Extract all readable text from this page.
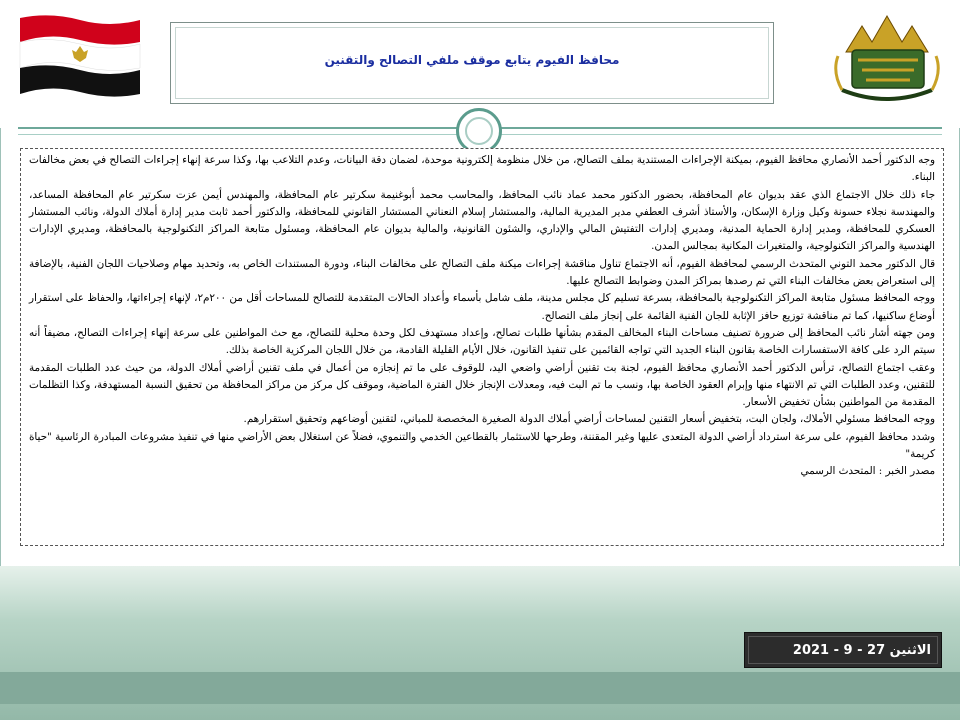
محافظ الفيوم يتابع موقف ملفي التصالح والتقنين

وجه الدكتور أحمد الأنصاري محافظ الفيوم، بميكنة الإجراءات المستندية بملف التصالح، من خلال منظومة إلكترونية موحدة، لضمان دقة البيانات، وعدم التلاعب بها، وكذا سرعة إنهاء إجراءات التصالح في بعض مخالفات البناء.

جاء ذلك خلال الاجتماع الذي عقد بديوان عام المحافظة، بحضور الدكتور محمد عماد نائب المحافظ، والمحاسب محمد أبوغنيمة سكرتير عام المحافظة، والمهندس أيمن عزت سكرتير عام المحافظة المساعد، والمهندسة نجلاء حسونة وكيل وزارة الإسكان، والأستاذ أشرف العطفي مدير المديرية المالية، والمستشار إسلام النعناني المستشار القانوني للمحافظة، والدكتور أحمد ثابت مدير إدارة أملاك الدولة، ونائب المستشار العسكري للمحافظة، ومدير إدارة الحماية المدنية، ومديري إدارات التفتيش المالي والإداري، والشئون القانونية، والمالية بديوان عام المحافظة، ومسئول متابعة المراكز التكنولوجية بالمحافظة، ومديري الإدارات الهندسية والمراكز التكنولوجية، والمتغيرات المكانية بمجالس المدن.

قال الدكتور محمد التوني المتحدث الرسمي لمحافظة الفيوم، أنه الاجتماع تناول مناقشة إجراءات ميكنة ملف التصالح على مخالفات البناء، ودورة المستندات الخاص به، وتحديد مهام وصلاحيات اللجان الفنية، بالإضافة إلى استعراض بعض مخالفات البناء التي تم رصدها بمراكز المدن وضوابط التصالح عليها.

ووجه المحافظ مسئول متابعة المراكز التكنولوجية بالمحافظة، بسرعة تسليم كل مجلس مدينة، ملف شامل بأسماء وأعداد الحالات المتقدمة للتصالح للمساحات أقل من ٢٠٠م٢، لإنهاء إجراءاتها، والحفاظ على استقرار أوضاع ساكنيها، كما تم مناقشة توزيع حافز الإثابة للجان الفنية القائمة على إنجاز ملف التصالح.

ومن جهته أشار نائب المحافظ إلى ضرورة تصنيف مساحات البناء المخالف المقدم بشأنها طلبات تصالح، وإعداد مستهدف لكل وحدة محلية للتصالح، مع حث المواطنين على سرعة إنهاء إجراءات التصالح، مضيفاً أنه سيتم الرد على كافة الاستفسارات الخاصة بقانون البناء الجديد التي تواجه القائمين على تنفيذ القانون، خلال الأيام القليلة القادمة، من خلال اللجان المركزية الخاصة بذلك.

وعقب اجتماع التصالح، ترأس الدكتور أحمد الأنصاري محافظ الفيوم، لجنة بت تقنين أراضي واضعي اليد، للوقوف على ما تم إنجازه من أعمال في ملف تقنين أراضي أملاك الدولة، من حيث عدد الطلبات المقدمة للتقنين، وعدد الطلبات التي تم الانتهاء منها وإبرام العقود الخاصة بها، ونسب ما تم البت فيه، ومعدلات الإنجاز خلال الفترة الماضية، وموقف كل مركز من مراكز المحافظة من تحقيق النسبة المستهدفة، وكذا التظلمات المقدمة من المواطنين بشأن تخفيض الأسعار.

ووجه المحافظ مسئولي الأملاك، ولجان البت، بتخفيض أسعار التقنين لمساحات أراضي أملاك الدولة الصغيرة المخصصة للمباني، لتقنين أوضاعهم وتحقيق استقرارهم.

وشدد محافظ الفيوم، على سرعة استرداد أراضي الدولة المتعدى عليها وغير المقننة، وطرحها للاستثمار بالقطاعين الخدمي والتنموي، فضلاً عن استغلال بعض الأراضي منها في تنفيذ مشروعات المبادرة الرئاسية "حياة كريمة"

مصدر الخبر : المتحدث الرسمي

الاثنين 27 - 9 - 2021
